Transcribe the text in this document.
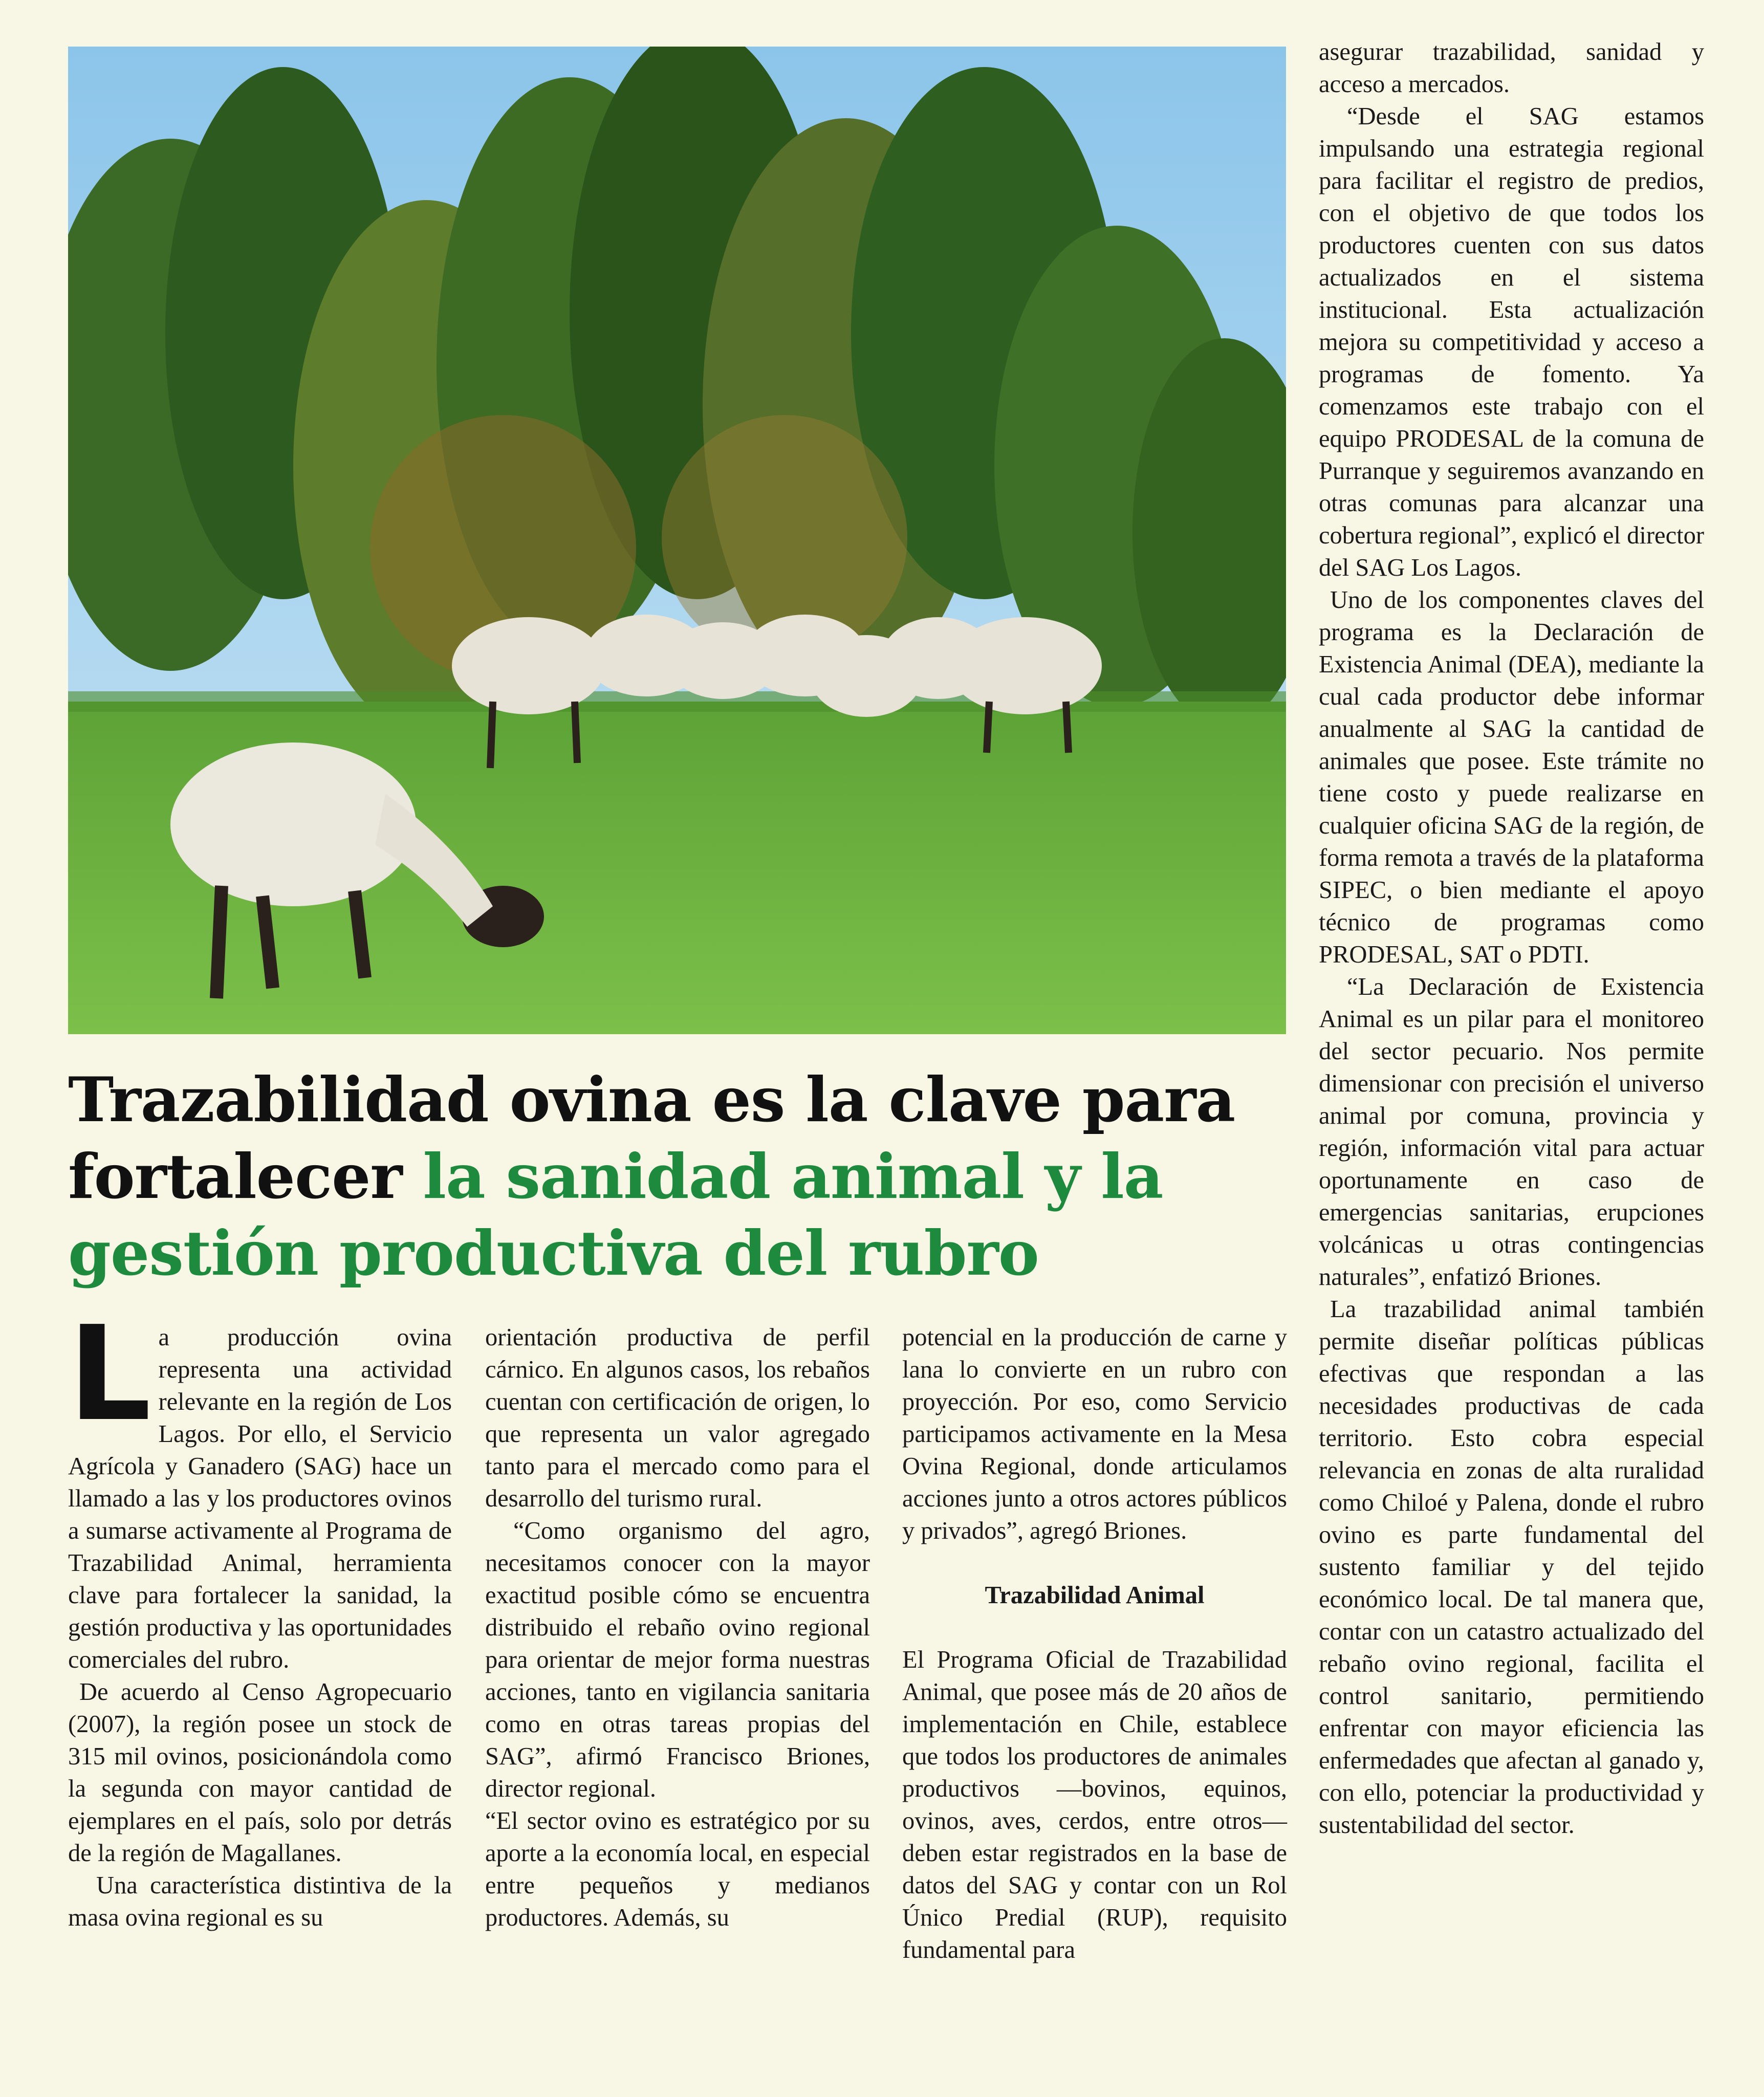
Trazabilidad ovina es la clave para fortalecer la sanidad animal y la gestión productiva del rubro

La producción ovina representa una actividad relevante en la región de Los Lagos. Por ello, el Servicio Agrícola y Ganadero (SAG) hace un llamado a las y los productores ovinos a sumarse activamente al Programa de Trazabilidad Animal, herramienta clave para fortalecer la sanidad, la gestión productiva y las oportunidades comerciales del rubro.

De acuerdo al Censo Agropecuario (2007), la región posee un stock de 315 mil ovinos, posicionándola como la segunda con mayor cantidad de ejemplares en el país, solo por detrás de la región de Magallanes.

Una característica distintiva de la masa ovina regional es su

orientación productiva de perfil cárnico. En algunos casos, los rebaños cuentan con certificación de origen, lo que representa un valor agregado tanto para el mercado como para el desarrollo del turismo rural.

“Como organismo del agro, necesitamos conocer con la mayor exactitud posible cómo se encuentra distribuido el rebaño ovino regional para orientar de mejor forma nuestras acciones, tanto en vigilancia sanitaria como en otras tareas propias del SAG”, afirmó Francisco Briones, director regional.

“El sector ovino es estratégico por su aporte a la economía local, en especial entre pequeños y medianos productores. Además, su

potencial en la producción de carne y lana lo convierte en un rubro con proyección. Por eso, como Servicio participamos activamente en la Mesa Ovina Regional, donde articulamos acciones junto a otros actores públicos y privados”, agregó Briones.

Trazabilidad Animal

El Programa Oficial de Trazabilidad Animal, que posee más de 20 años de implementación en Chile, establece que todos los productores de animales productivos —bovinos, equinos, ovinos, aves, cerdos, entre otros— deben estar registrados en la base de datos del SAG y contar con un Rol Único Predial (RUP), requisito fundamental para

asegurar trazabilidad, sanidad y acceso a mercados.

“Desde el SAG estamos impulsando una estrategia regional para facilitar el registro de predios, con el objetivo de que todos los productores cuenten con sus datos actualizados en el sistema institucional. Esta actualización mejora su competitividad y acceso a programas de fomento. Ya comenzamos este trabajo con el equipo PRODESAL de la comuna de Purranque y seguiremos avanzando en otras comunas para alcanzar una cobertura regional”, explicó el director del SAG Los Lagos.

Uno de los componentes claves del programa es la Declaración de Existencia Animal (DEA), mediante la cual cada productor debe informar anualmente al SAG la cantidad de animales que posee. Este trámite no tiene costo y puede realizarse en cualquier oficina SAG de la región, de forma remota a través de la plataforma SIPEC, o bien mediante el apoyo técnico de programas como PRODESAL, SAT o PDTI.

“La Declaración de Existencia Animal es un pilar para el monitoreo del sector pecuario. Nos permite dimensionar con precisión el universo animal por comuna, provincia y región, información vital para actuar oportunamente en caso de emergencias sanitarias, erupciones volcánicas u otras contingencias naturales”, enfatizó Briones.

La trazabilidad animal también permite diseñar políticas públicas efectivas que respondan a las necesidades productivas de cada territorio. Esto cobra especial relevancia en zonas de alta ruralidad como Chiloé y Palena, donde el rubro ovino es parte fundamental del sustento familiar y del tejido económico local. De tal manera que, contar con un catastro actualizado del rebaño ovino regional, facilita el control sanitario, permitiendo enfrentar con mayor eficiencia las enfermedades que afectan al ganado y, con ello, potenciar la productividad y sustentabilidad del sector.
